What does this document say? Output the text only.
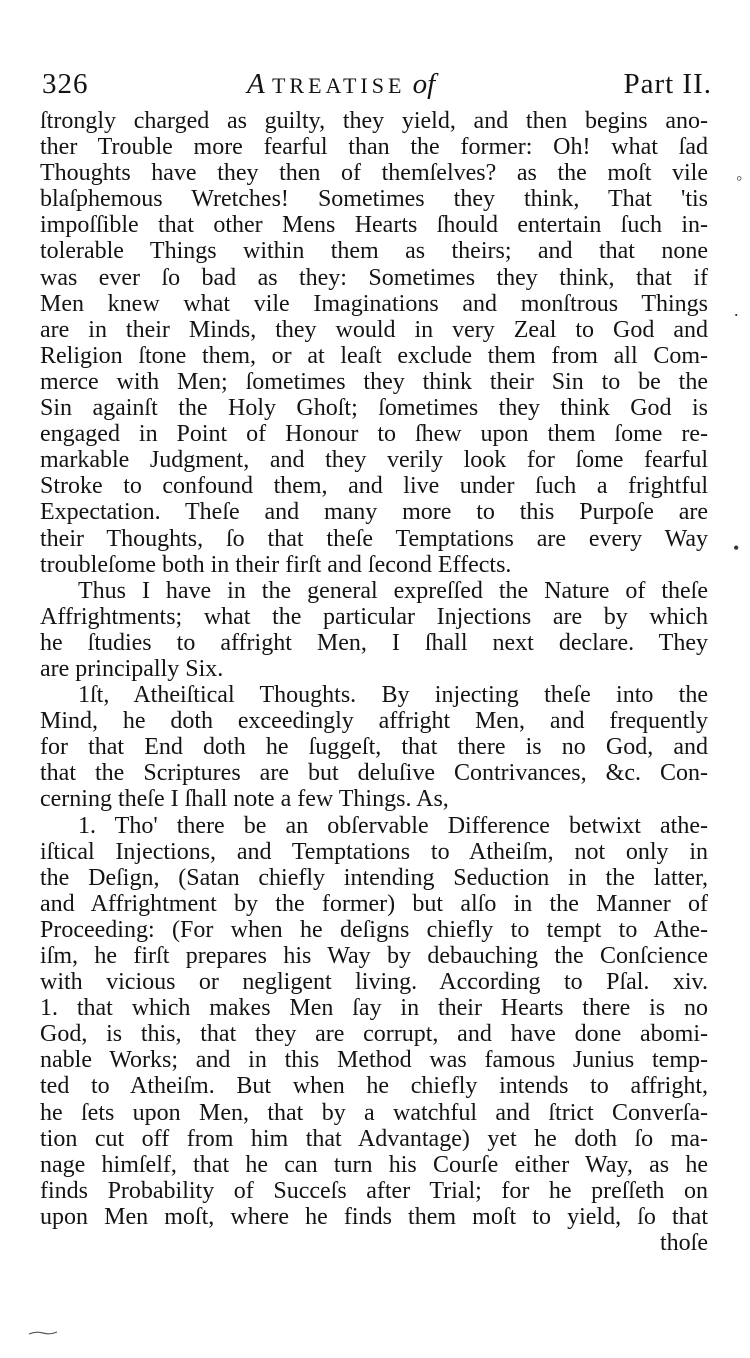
326	A TREATISE of	Part II.
ſtrongly charged as guilty, they yield, and then begins ano-
ther Trouble more fearful than the former: Oh! what ſad
Thoughts have they then of themſelves? as the moſt vile
blaſphemous Wretches! Sometimes they think, That 'tis
impoſſible that other Mens Hearts ſhould entertain ſuch in-
tolerable Things within them as theirs; and that none
was ever ſo bad as they: Sometimes they think, that if
Men knew what vile Imaginations and monſtrous Things
are in their Minds, they would in very Zeal to God and
Religion ſtone them, or at leaſt exclude them from all Com-
merce with Men; ſometimes they think their Sin to be the
Sin againſt the Holy Ghoſt; ſometimes they think God is
engaged in Point of Honour to ſhew upon them ſome re-
markable Judgment, and they verily look for ſome fearful
Stroke to confound them, and live under ſuch a frightful
Expectation. Theſe and many more to this Purpoſe are
their Thoughts, ſo that theſe Temptations are every Way
troubleſome both in their firſt and ſecond Effects.
Thus I have in the general expreſſed the Nature of theſe
Affrightments; what the particular Injections are by which
he ſtudies to affright Men, I ſhall next declare. They
are principally Six.
1ſt, Atheiſtical Thoughts. By injecting theſe into the
Mind, he doth exceedingly affright Men, and frequently
for that End doth he ſuggeſt, that there is no God, and
that the Scriptures are but deluſive Contrivances, &c. Con-
cerning theſe I ſhall note a few Things. As,
1. Tho' there be an obſervable Difference betwixt athe-
iſtical Injections, and Temptations to Atheiſm, not only in
the Deſign, (Satan chiefly intending Seduction in the latter,
and Affrightment by the former) but alſo in the Manner of
Proceeding: (For when he deſigns chiefly to tempt to Athe-
iſm, he firſt prepares his Way by debauching the Conſcience
with vicious or negligent living. According to Pſal. xiv.
1. that which makes Men ſay in their Hearts there is no
God, is this, that they are corrupt, and have done abomi-
nable Works; and in this Method was famous Junius temp-
ted to Atheiſm. But when he chiefly intends to affright,
he ſets upon Men, that by a watchful and ſtrict Converſa-
tion cut off from him that Advantage) yet he doth ſo ma-
nage himſelf, that he can turn his Courſe either Way, as he
finds Probability of Succeſs after Trial; for he preſſeth on
upon Men moſt, where he finds them moſt to yield, ſo that
thoſe
◦
.
•
